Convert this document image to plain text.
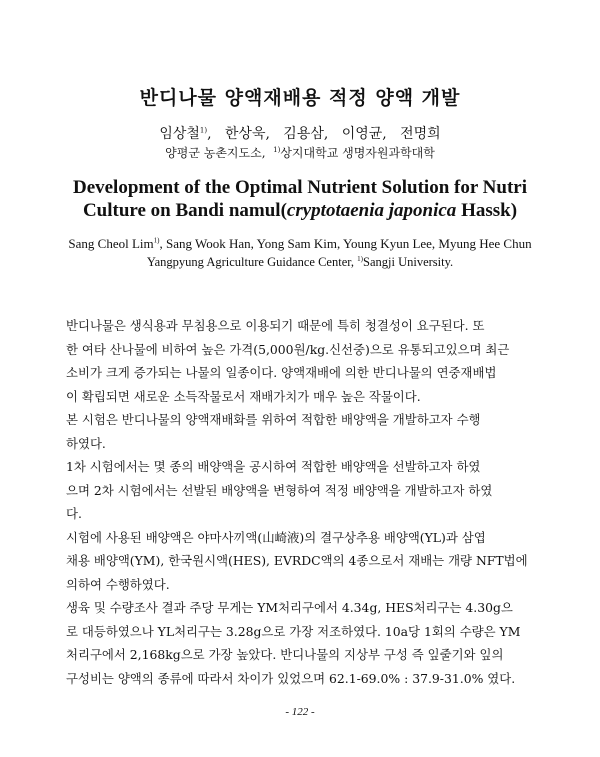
반디나물 양액재배용 적정 양액 개발
임상철$^{1)}$,   한상욱,   김용삼,   이영균,   전명희
양평군 농촌지도소, $^{1)}$상지대학교 생명자원과학대학
Development of the Optimal Nutrient Solution for Nutri
Culture on Bandi namul(cryptotaenia japonica Hassk)
Sang Cheol Lim$^{1)}$, Sang Wook Han, Yong Sam Kim, Young Kyun Lee, Myung Hee Chun
Yangpyung Agriculture Guidance Center, $^{1)}$Sangji University.

반디나물은 생식용과 무침용으로 이용되기 때문에 특히 청결성이 요구된다. 또
한 여타 산나물에 비하여 높은 가격(5,000원/kg.신선중)으로 유통되고있으며 최근
소비가 크게 증가되는 나물의 일종이다. 양액재배에 의한 반디나물의 연중재배법
이 확립되면 새로운 소득작물로서 재배가치가 매우 높은 작물이다.

본 시험은 반디나물의 양액재배화를 위하여 적합한 배양액을 개발하고자 수행
하였다.

1차 시험에서는 몇 종의 배양액을 공시하여 적합한 배양액을 선발하고자 하였
으며 2차 시험에서는 선발된 배양액을 변형하여 적정 배양액을 개발하고자 하였
다.

시험에 사용된 배양액은 야마사끼액(山崎液)의 결구상추용 배양액(YL)과 삼엽
채용 배양액(YM), 한국원시액(HES), EVRDC액의 4종으로서 재배는 개량 NFT법에
의하여 수행하였다.

생육 및 수량조사 결과 주당 무게는 YM처리구에서 4.34g, HES처리구는 4.30g으
로 대등하였으나 YL처리구는 3.28g으로 가장 저조하였다. 10a당 1회의 수량은 YM
처리구에서 2,168kg으로 가장 높았다. 반디나물의 지상부 구성 즉 잎줄기와 잎의
구성비는 양액의 종류에 따라서 차이가 있었으며 62.1-69.0% : 37.9-31.0% 였다.

- 122 -
